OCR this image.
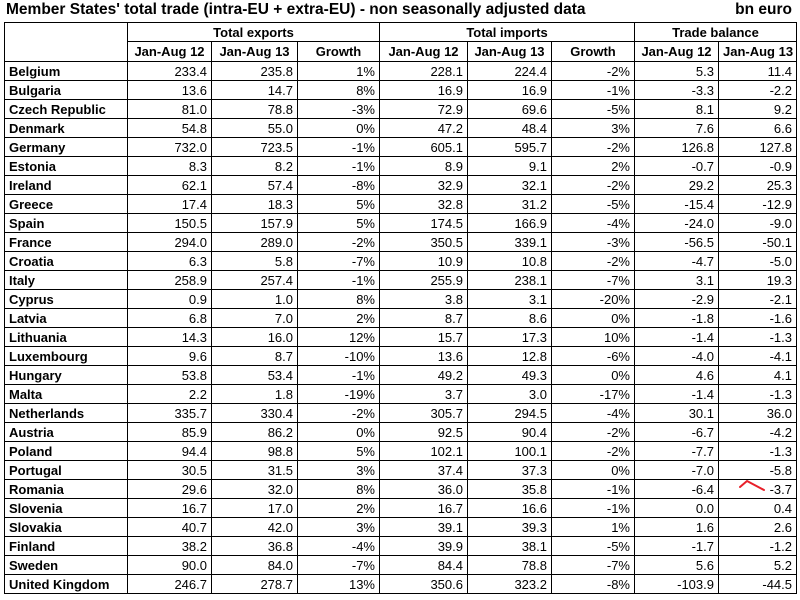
Member States' total trade (intra-EU + extra-EU) - non seasonally adjusted data	bn euro
	Total exports			Total imports			Trade balance	
	Jan-Aug 12	Jan-Aug 13	Growth	Jan-Aug 12	Jan-Aug 13	Growth	Jan-Aug 12	Jan-Aug 13
Belgium	233.4	235.8	1%	228.1	224.4	-2%	5.3	11.4
Bulgaria	13.6	14.7	8%	16.9	16.9	-1%	-3.3	-2.2
Czech Republic	81.0	78.8	-3%	72.9	69.6	-5%	8.1	9.2
Denmark	54.8	55.0	0%	47.2	48.4	3%	7.6	6.6
Germany	732.0	723.5	-1%	605.1	595.7	-2%	126.8	127.8
Estonia	8.3	8.2	-1%	8.9	9.1	2%	-0.7	-0.9
Ireland	62.1	57.4	-8%	32.9	32.1	-2%	29.2	25.3
Greece	17.4	18.3	5%	32.8	31.2	-5%	-15.4	-12.9
Spain	150.5	157.9	5%	174.5	166.9	-4%	-24.0	-9.0
France	294.0	289.0	-2%	350.5	339.1	-3%	-56.5	-50.1
Croatia	6.3	5.8	-7%	10.9	10.8	-2%	-4.7	-5.0
Italy	258.9	257.4	-1%	255.9	238.1	-7%	3.1	19.3
Cyprus	0.9	1.0	8%	3.8	3.1	-20%	-2.9	-2.1
Latvia	6.8	7.0	2%	8.7	8.6	0%	-1.8	-1.6
Lithuania	14.3	16.0	12%	15.7	17.3	10%	-1.4	-1.3
Luxembourg	9.6	8.7	-10%	13.6	12.8	-6%	-4.0	-4.1
Hungary	53.8	53.4	-1%	49.2	49.3	0%	4.6	4.1
Malta	2.2	1.8	-19%	3.7	3.0	-17%	-1.4	-1.3
Netherlands	335.7	330.4	-2%	305.7	294.5	-4%	30.1	36.0
Austria	85.9	86.2	0%	92.5	90.4	-2%	-6.7	-4.2
Poland	94.4	98.8	5%	102.1	100.1	-2%	-7.7	-1.3
Portugal	30.5	31.5	3%	37.4	37.3	0%	-7.0	-5.8
Romania	29.6	32.0	8%	36.0	35.8	-1%	-6.4	-3.7
Slovenia	16.7	17.0	2%	16.7	16.6	-1%	0.0	0.4
Slovakia	40.7	42.0	3%	39.1	39.3	1%	1.6	2.6
Finland	38.2	36.8	-4%	39.9	38.1	-5%	-1.7	-1.2
Sweden	90.0	84.0	-7%	84.4	78.8	-7%	5.6	5.2
United Kingdom	246.7	278.7	13%	350.6	323.2	-8%	-103.9	-44.5
